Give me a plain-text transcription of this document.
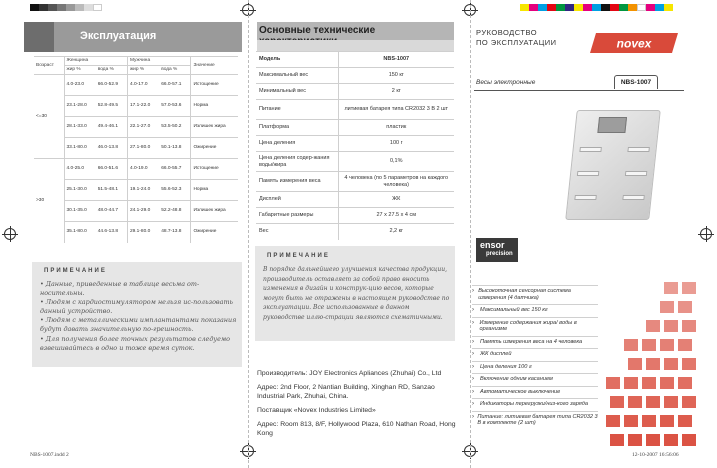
Эксплуатация
Возраст	Женщина		Мужчина		Значение
	жир %	вода %	жир %	вода %	
<=30	4.0-23.0	66.0-52.9	4.0-17.0	66.0-57.1	Истощение
	23.1-28.0	52.8-49.5	17.1-22.0	57.0-53.6	Норма
	28.1-33.0	49.4-46.1	22.1-27.0	53.5-50.2	Излишек жира
	33.1-80.0	46.0-13.8	27.1-80.0	50.1-13.8	Ожирение
>30	4.0-25.0	66.0-51.6	4.0-19.0	66.0-55.7	Истощение
	25.1-30.0	51.5-48.1	19.1-24.0	55.6-52.3	Норма
	30.1-35.0	48.0-44.7	24.1-29.0	52.2-48.8	Излишек жира
	35.1-80.0	44.6-13.8	29.1-80.0	48.7-13.8	Ожирение
ПРИМЕЧАНИЕ

• Данные, приведенные в таблице весьма от-носительны.

• Людям с кардиостимулятором нельзя ис-пользовать данный устройство.

• Людям с металлическими имплантантами показания будут давать значительную по-грешность.

• Для получения более точных результатов следуемо взвешивайтесь в одно и тоже время суток.

Основные технические
Модель	NBS-1007
Максимальный вес	150 кг
Минимальный вес	2 кг
Питание	литиевая батарея типа CR2032 3 В 2 шт
Платформа	пластик
Цена деления	100 г
Цена деления содер-жания воды/жира	0,1%
Память измерения веса	4 человека (по 5 параметров на каждого человека)
Дисплей	ЖК
Габаритные размеры	27 x 27.5 x 4 см
Вес	2,2 кг
ПРИМЕЧАНИЕ
В порядке дальнейшего улучшения качества продукции, производитель оставляет за собой право вносить изменения в дизайн и конструк-цию весов, которые могут быть не отражены в настоящем руководстве по эксплуатации. Все использованные в данном руководстве иллю-страции являются схематичными.

Производитель: JOY Electronics Apliances (Zhuhai) Co., Ltd

Адрес: 2nd Floor, 2 Nantian Building, Xinghan RD, Sanzao Industrial Park, Zhuhai, China.

Поставщик «Novex Industries Limited»

Адрес: Room 813, 8/F, Hollywood Plaza, 610 Nathan Road, Hong Kong

РУКОВОДСТВО
ПО ЭКСПЛУАТАЦИИ	novex
Весы электронные	NBS-1007
ensor
precision
› Высокоточная сенсорная система измерения (4 датчика)
›	Максимальный вес 150 кг
› Измерение содержания жира/ воды в организме
›	Память измерения веса на 4 человека
›	ЖК дисплей
›	Цена деления 100 г
›	Включение одним касанием
›	Автоматическое выключение
›	Индикаторы перегрузки/низ-кого заряда
› Питание: литиевая батарея типа CR2032 3 В в комплекте (2 шт)
NBS-1007.indd 2	12-10-2007 16:56:06
